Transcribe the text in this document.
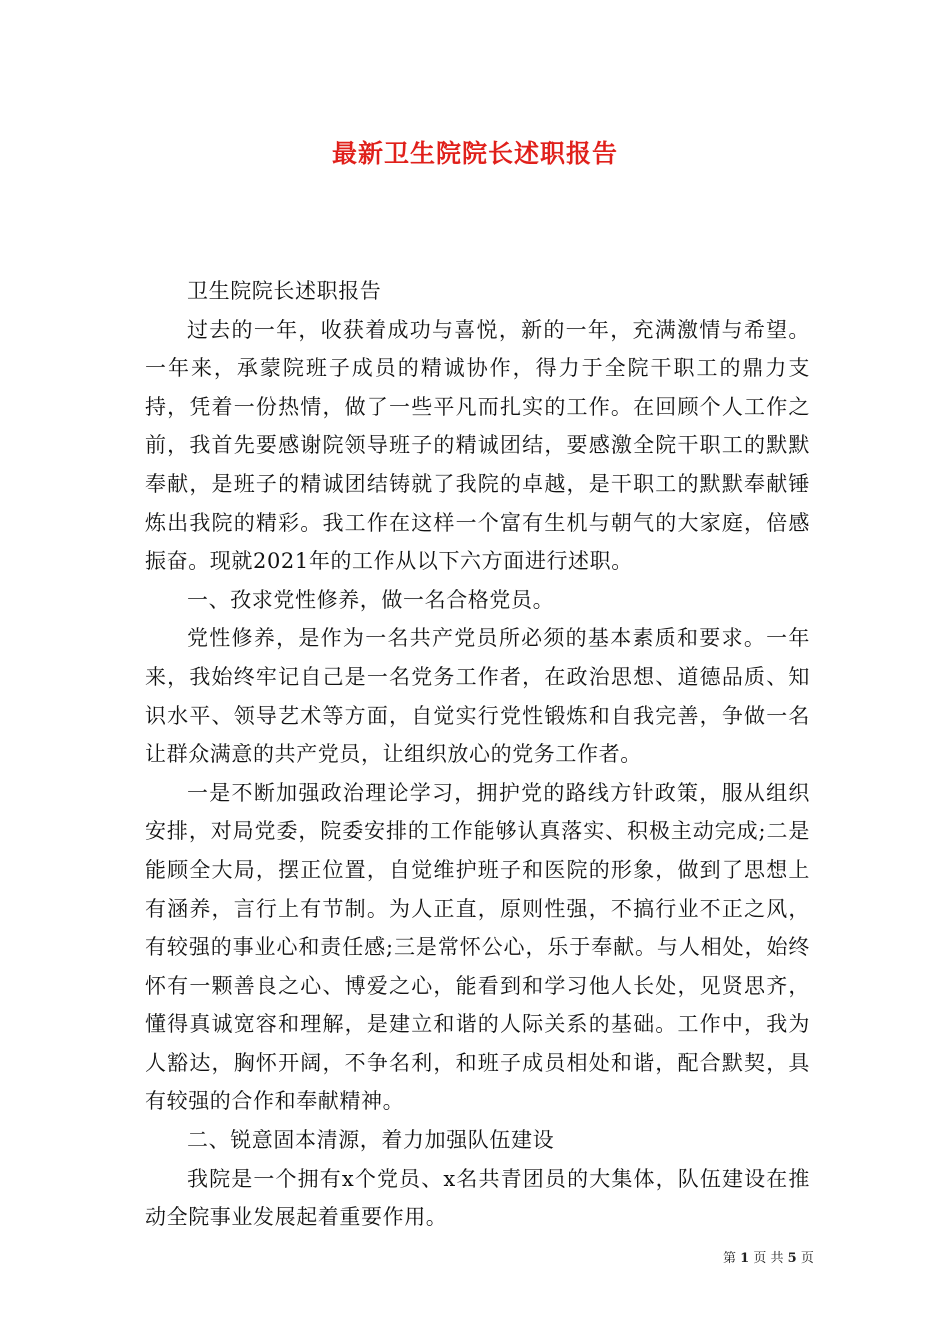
最新卫生院院长述职报告

卫生院院长述职报告

过去的一年，收获着成功与喜悦，新的一年，充满激情与希望。一年来，承蒙院班子成员的精诚协作，得力于全院干职工的鼎力支持，凭着一份热情，做了一些平凡而扎实的工作。在回顾个人工作之前，我首先要感谢院领导班子的精诚团结，要感激全院干职工的默默奉献，是班子的精诚团结铸就了我院的卓越，是干职工的默默奉献锤炼出我院的精彩。我工作在这样一个富有生机与朝气的大家庭，倍感振奋。现就2021年的工作从以下六方面进行述职。

一、孜求党性修养，做一名合格党员。

党性修养，是作为一名共产党员所必须的基本素质和要求。一年来，我始终牢记自己是一名党务工作者，在政治思想、道德品质、知识水平、领导艺术等方面，自觉实行党性锻炼和自我完善，争做一名让群众满意的共产党员，让组织放心的党务工作者。

一是不断加强政治理论学习，拥护党的路线方针政策，服从组织安排，对局党委，院委安排的工作能够认真落实、积极主动完成;二是能顾全大局，摆正位置，自觉维护班子和医院的形象，做到了思想上有涵养，言行上有节制。为人正直，原则性强，不搞行业不正之风，有较强的事业心和责任感;三是常怀公心，乐于奉献。与人相处，始终怀有一颗善良之心、博爱之心，能看到和学习他人长处，见贤思齐，懂得真诚宽容和理解，是建立和谐的人际关系的基础。工作中，我为人豁达，胸怀开阔，不争名利，和班子成员相处和谐，配合默契，具有较强的合作和奉献精神。

二、锐意固本清源，着力加强队伍建设

我院是一个拥有x个党员、x名共青团员的大集体，队伍建设在推动全院事业发展起着重要作用。

第 1 页 共 5 页
